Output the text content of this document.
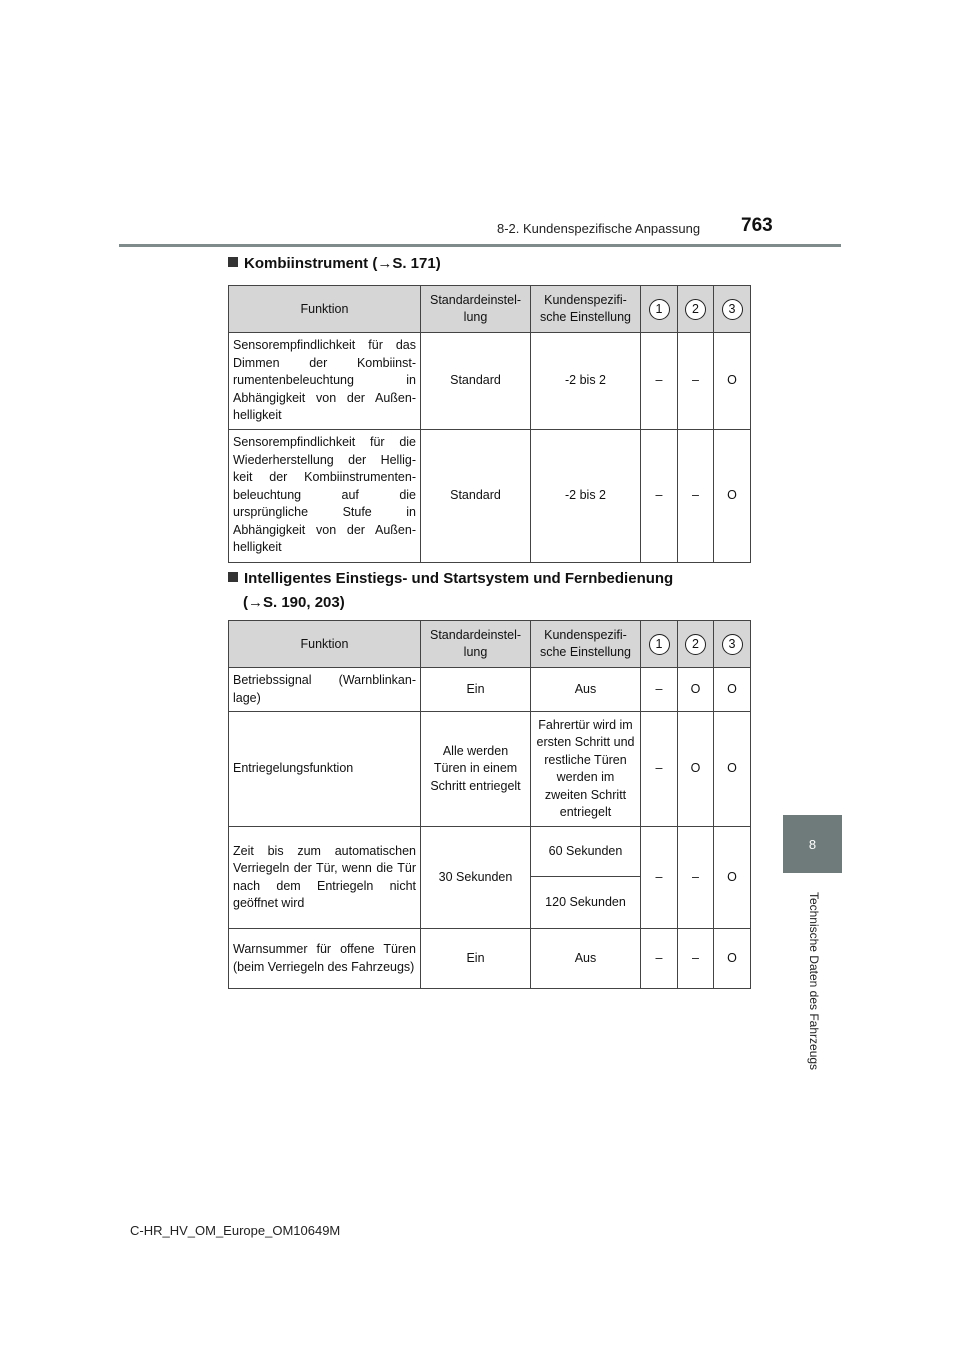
8-2. Kundenspezifische Anpassung 763
8
Technische Daten des Fahrzeugs
Kombiinstrument (→S. 171)
Funktion	Standardeinstel- lung	Kundenspezifi- sche Einstellung	1	2	3
Sensorempfindlichkeit für das Dimmen der Kombiinst- rumentenbeleuchtung in Abhängigkeit von der Außen- helligkeit	Standard	-2 bis 2	–	–	O
Sensorempfindlichkeit für die Wiederherstellung der Hellig- keit der Kombiinstrumenten- beleuchtung auf die ursprüngliche Stufe in Abhängigkeit von der Außen- helligkeit	Standard	-2 bis 2	–	–	O
Intelligentes Einstiegs- und Startsystem und Fernbedienung
(→S. 190, 203)
Funktion	Standardeinstel- lung	Kundenspezifi- sche Einstellung	1	2	3
Betriebssignal (Warnblinkan- lage)	Ein	Aus	–	O	O
Entriegelungsfunktion	Alle werden Türen in einem Schritt entriegelt	Fahrertür wird im ersten Schritt und restliche Türen werden im zweiten Schritt entriegelt	–	O	O
Zeit bis zum automatischen Verriegeln der Tür, wenn die Tür nach dem Entriegeln nicht geöffnet wird	30 Sekunden	60 Sekunden	–	–	O
		120 Sekunden			
Warnsummer für offene Türen (beim Verriegeln des Fahrzeugs)	Ein	Aus	–	–	O
C-HR_HV_OM_Europe_OM10649M
